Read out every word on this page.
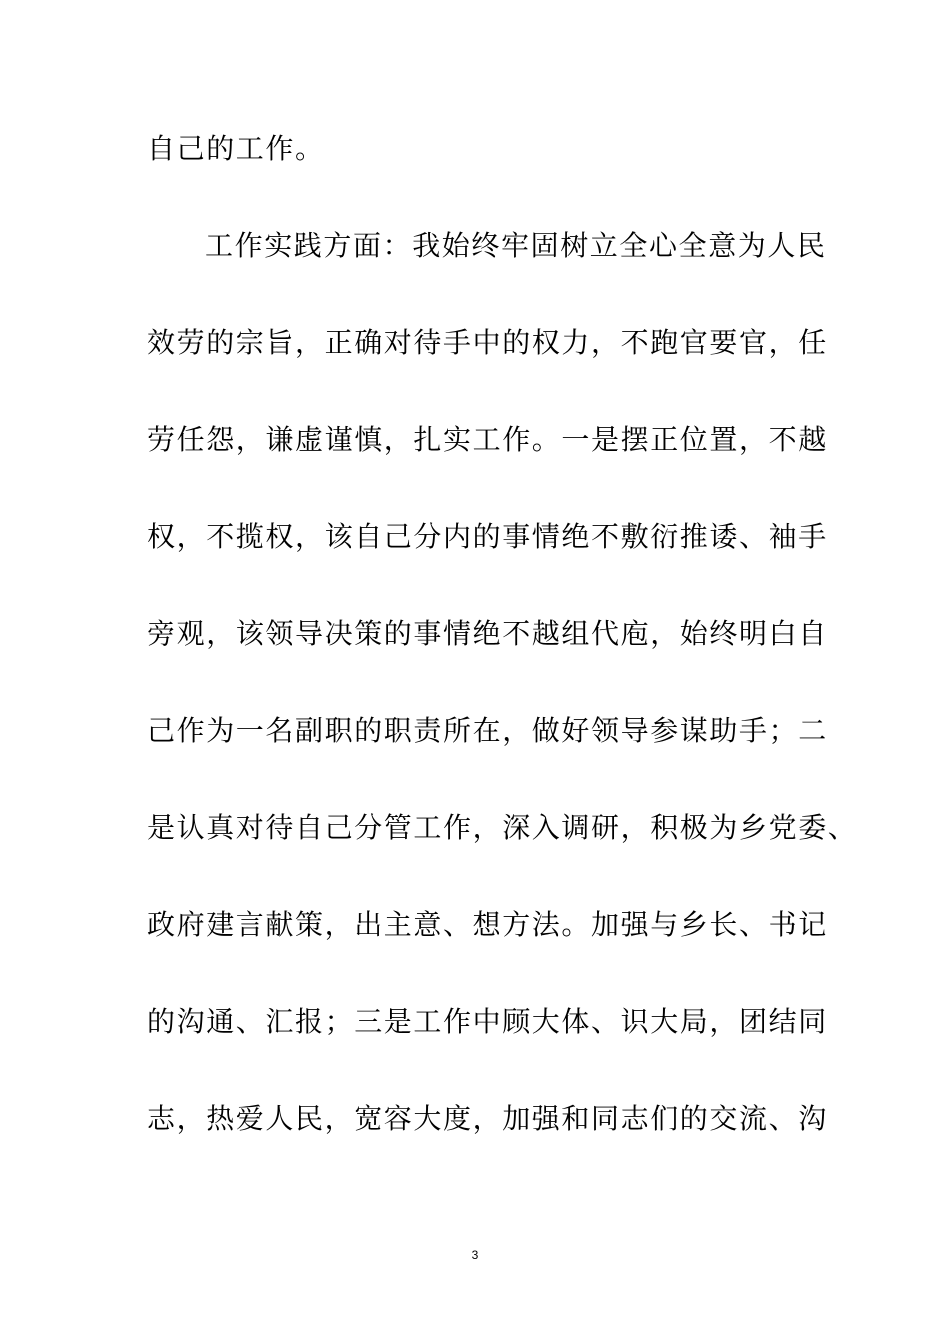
自己的工作。
工作实践方面：我始终牢固树立全心全意为人民
效劳的宗旨，正确对待手中的权力，不跑官要官，任
劳任怨，谦虚谨慎，扎实工作。一是摆正位置，不越
权，不揽权，该自己分内的事情绝不敷衍推诿、袖手
旁观，该领导决策的事情绝不越组代庖，始终明白自
己作为一名副职的职责所在，做好领导参谋助手；二
是认真对待自己分管工作，深入调研，积极为乡党委、
政府建言献策，出主意、想方法。加强与乡长、书记
的沟通、汇报；三是工作中顾大体、识大局，团结同
志，热爱人民，宽容大度，加强和同志们的交流、沟
3
